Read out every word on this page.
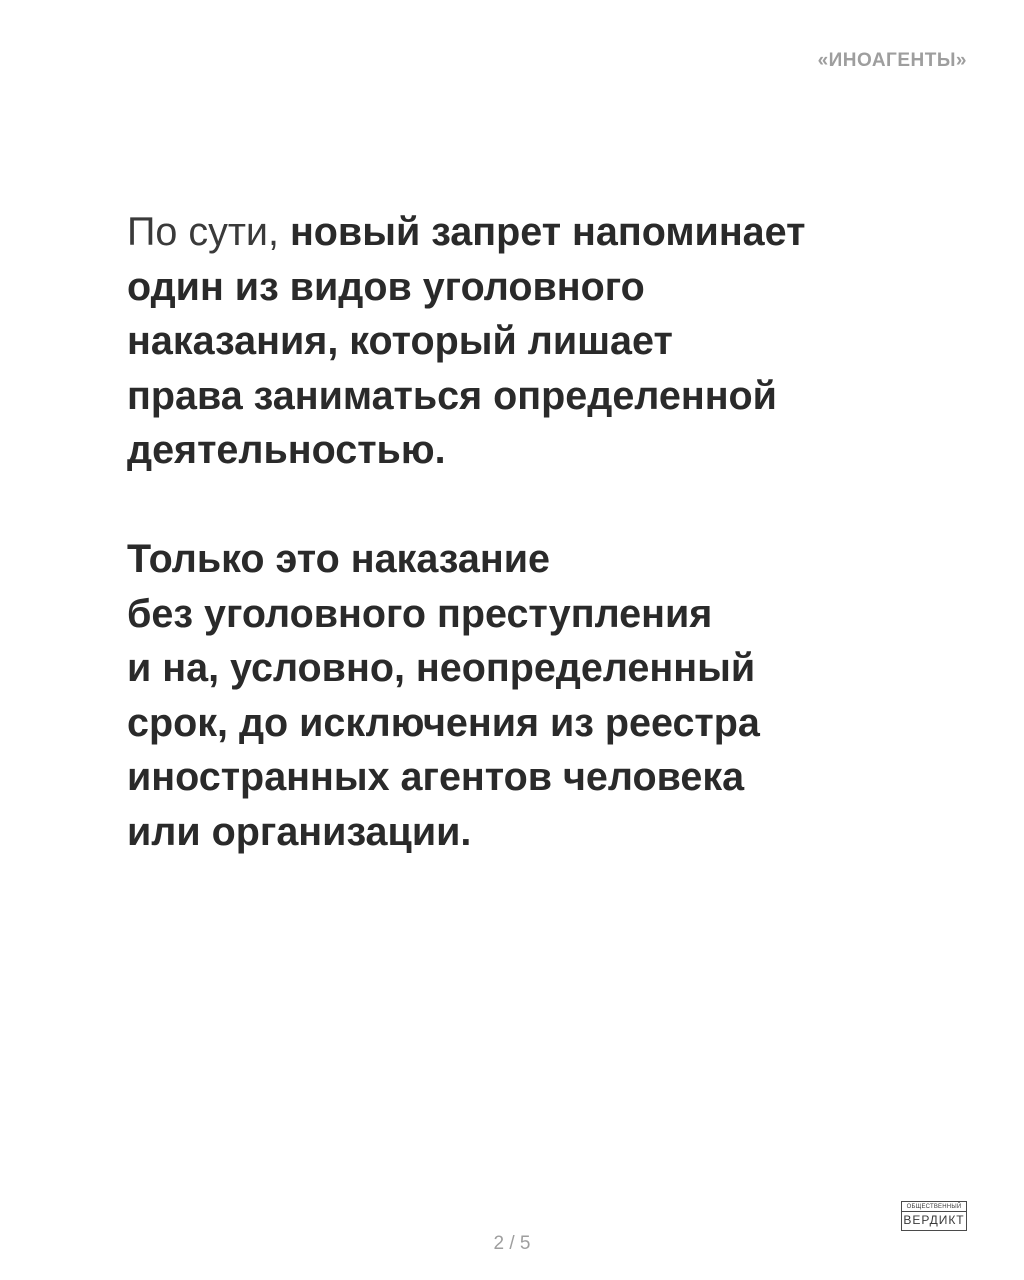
«ИНОАГЕНТЫ»

По сути, новый запрет напоминает
один из видов уголовного
наказания, который лишает
права заниматься определенной
деятельностью.

Только это наказание
без уголовного преступления
и на, условно, неопределенный
срок, до исключения из реестра
иностранных агентов человека
или организации.

ОБЩЕСТВЕННЫЙ
ВЕРДИКТ
2 / 5
